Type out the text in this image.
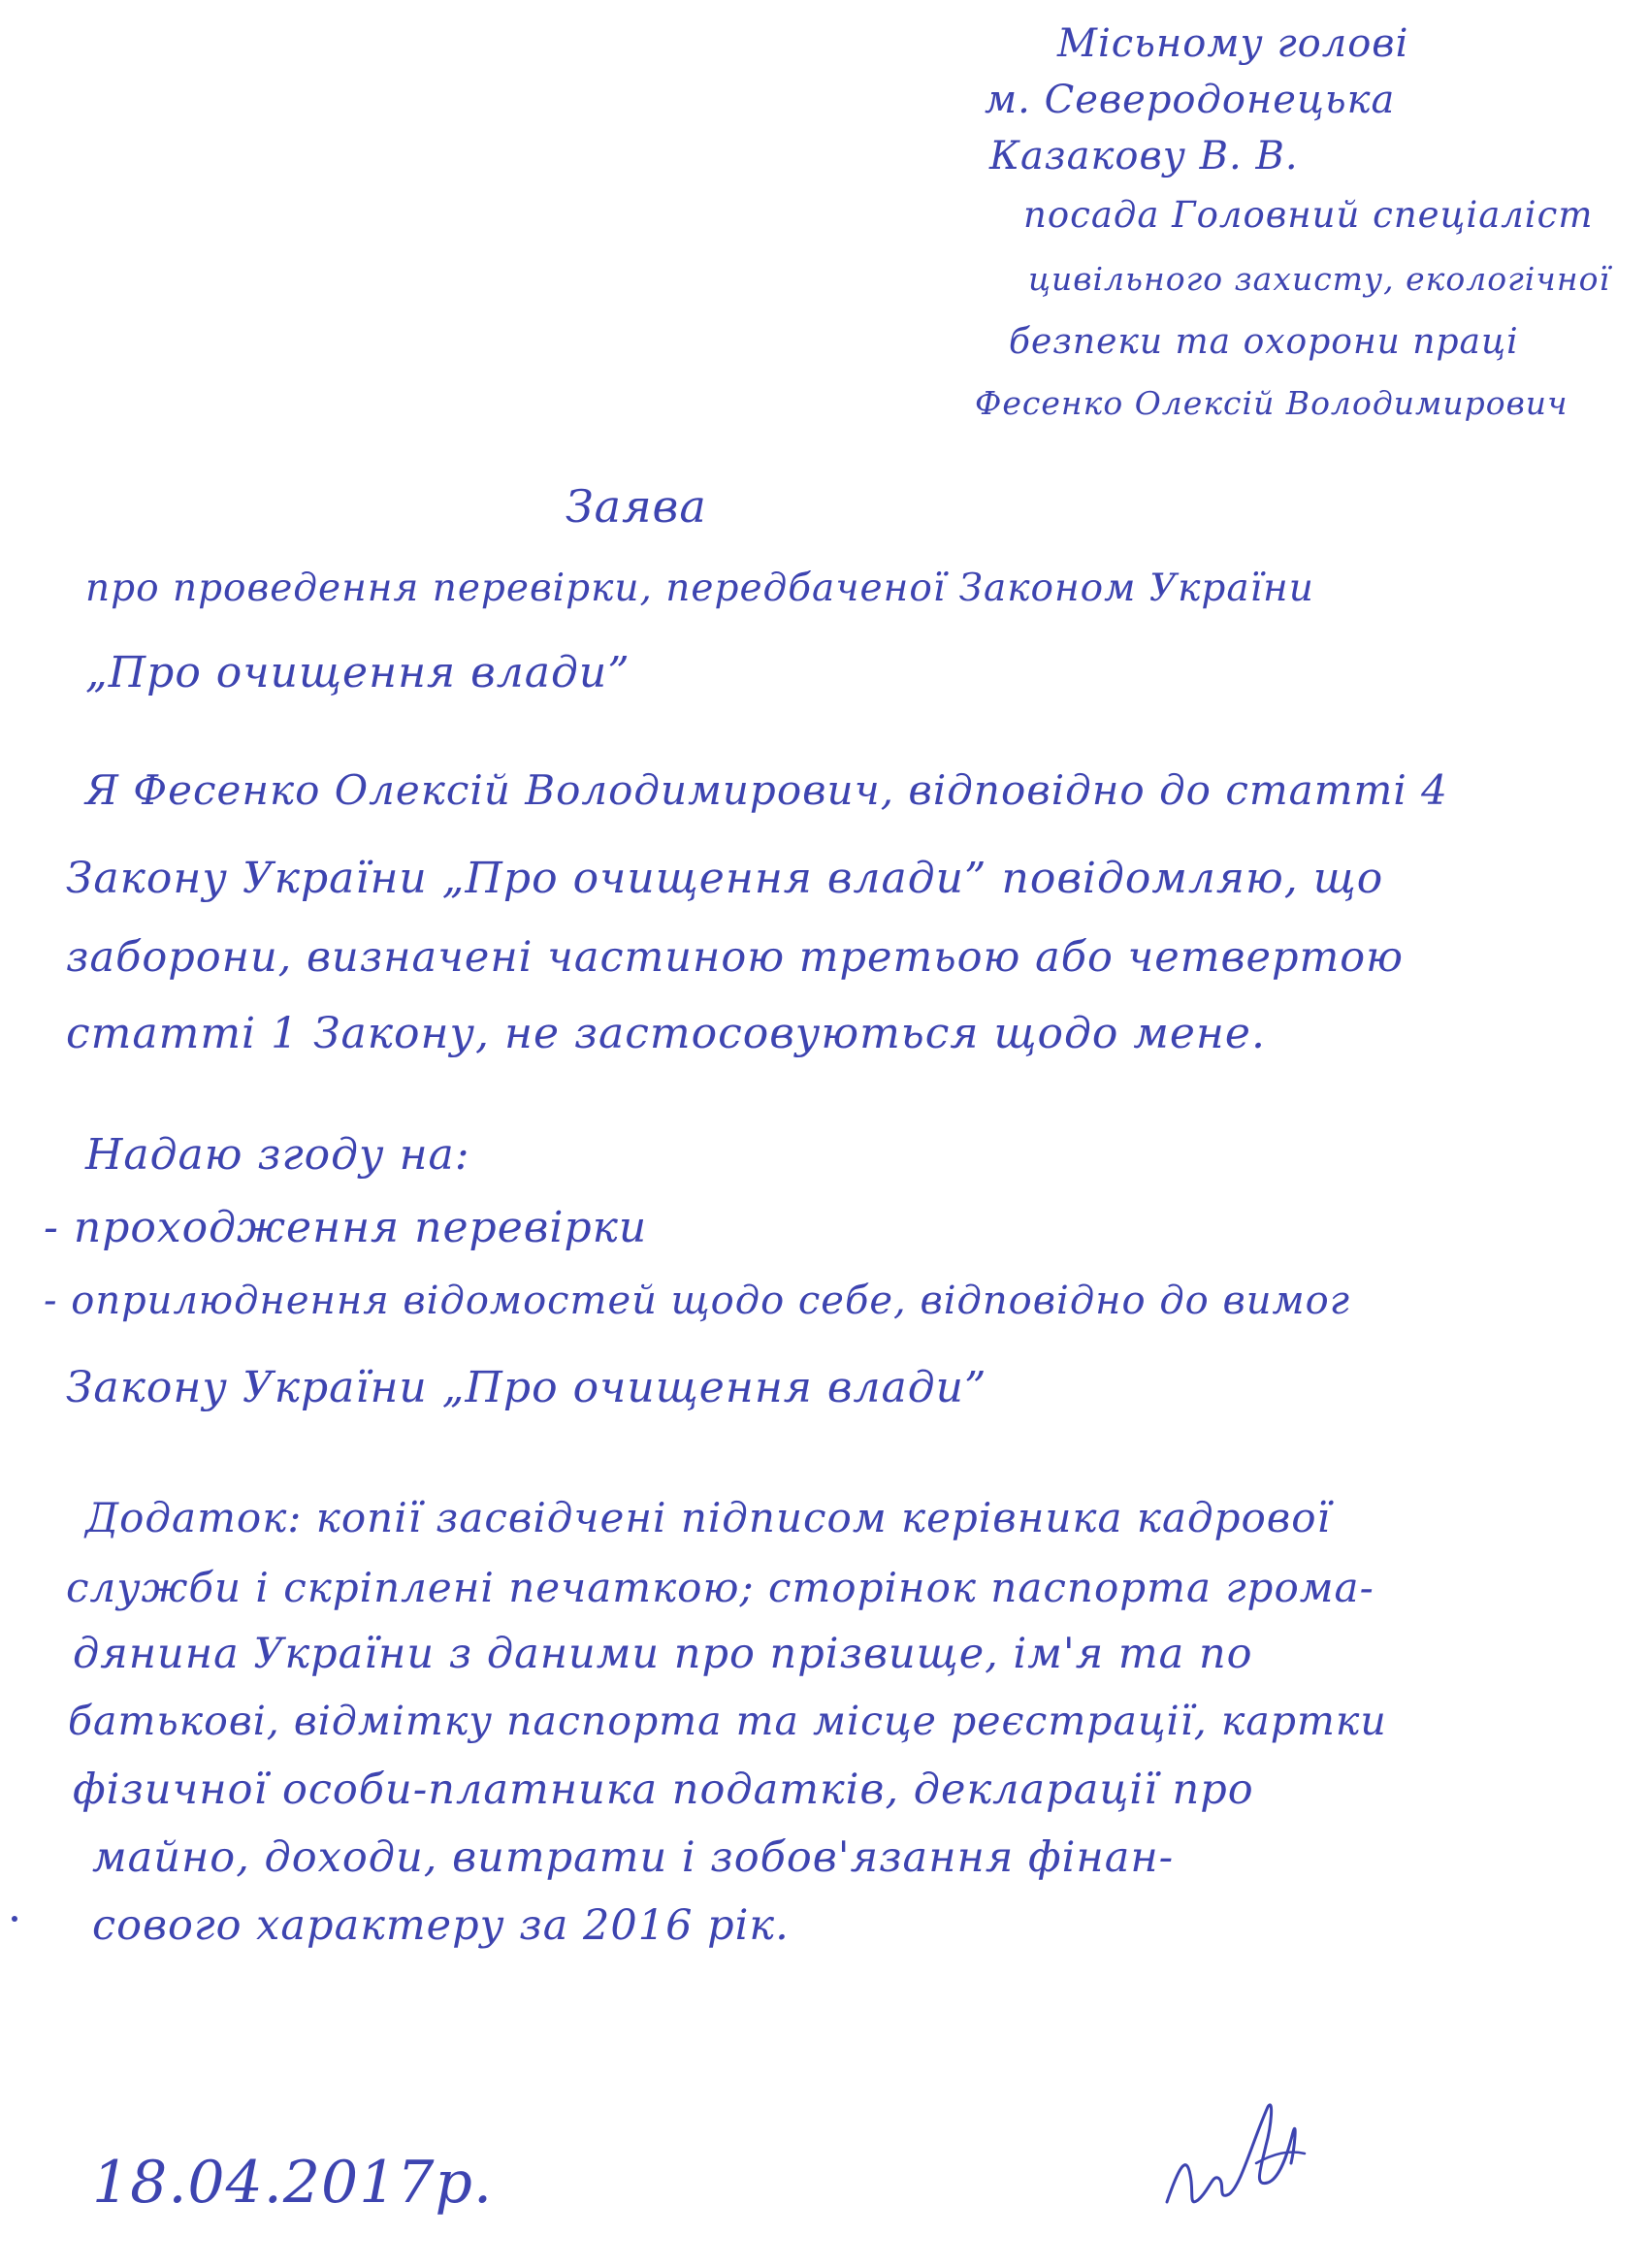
Місьному голові
м. Северодонецька
Казакову В. В.
посада Головний спеціаліст
цивільного захисту, екологічної
безпеки та охорони праці
Фесенко Олексій Володимирович
Заява
про проведення перевірки, передбаченої Законом України
„Про очищення влади”
Я Фесенко Олексій Володимирович, відповідно до статті 4
Закону України „Про очищення влади” повідомляю, що
заборони, визначені частиною третьою або четвертою
статті 1 Закону, не застосовуються щодо мене.
Надаю згоду на:
- проходження перевірки
- оприлюднення відомостей щодо себе, відповідно до вимог
Закону України „Про очищення влади”
Додаток: копії засвідчені підписом керівника кадрової
служби і скріплені печаткою; сторінок паспорта грома-
дянина України з даними про прізвище, ім'я та по
батькові, відмітку паспорта та місце реєстрації, картки
фізичної особи-платника податків, декларації про
майно, доходи, витрати і зобов'язання фінан-
сового характеру за 2016 рік.
18.04.2017р.
